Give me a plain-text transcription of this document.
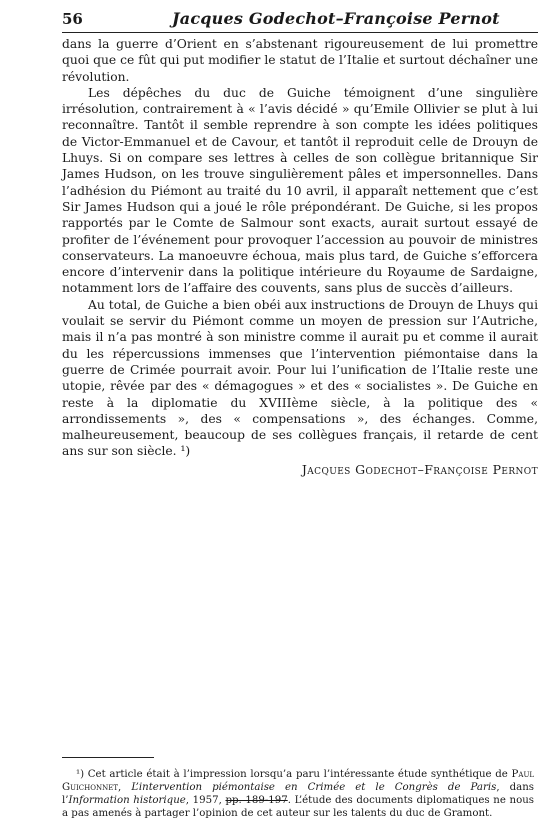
56	Jacques Godechot–Françoise Pernot

dans la guerre d’Orient en s’abstenant rigoureusement de lui promettre quoi que ce fût qui put modifier le statut de l’Italie et surtout déchaîner une révolution.

Les dépêches du duc de Guiche témoignent d’une singulière irrésolution, contrairement à « l’avis décidé » qu’Emile Ollivier se plut à lui reconnaître. Tantôt il semble reprendre à son compte les idées politiques de Victor-Emmanuel et de Cavour, et tantôt il reproduit celle de Drouyn de Lhuys. Si on compare ses lettres à celles de son collègue britannique Sir James Hudson, on les trouve singulièrement pâles et impersonnelles. Dans l’adhésion du Piémont au traité du 10 avril, il apparaît nettement que c’est Sir James Hudson qui a joué le rôle prépondérant. De Guiche, si les propos rapportés par le Comte de Salmour sont exacts, aurait surtout essayé de profiter de l’événement pour provoquer l’accession au pouvoir de ministres conservateurs. La manoeuvre échoua, mais plus tard, de Guiche s’efforcera encore d’intervenir dans la politique intérieure du Royaume de Sardaigne, notamment lors de l’affaire des couvents, sans plus de succès d’ailleurs.

Au total, de Guiche a bien obéi aux instructions de Drouyn de Lhuys qui voulait se servir du Piémont comme un moyen de pression sur l’Autriche, mais il n’a pas montré à son ministre comme il aurait pu et comme il aurait du les répercussions immenses que l’intervention piémontaise dans la guerre de Crimée pourrait avoir. Pour lui l’unification de l’Italie reste une utopie, rêvée par des « démagogues » et des « socialistes ». De Guiche en reste à la diplomatie du XVIIIème siècle, à la politique des « arrondissements », des « compensations », des échanges. Comme, malheureusement, beaucoup de ses collègues français, il retarde de cent ans sur son siècle. ¹)

Jacques Godechot–Françoise Pernot
¹) Cet article était à l’impression lorsqu’a paru l’intéressante étude synthétique de Paul Guichonnet, L’intervention piémontaise en Crimée et le Congrès de Paris, dans l’Information historique, 1957, pp. 189-197. L’étude des documents diplomatiques ne nous a pas amenés à partager l’opinion de cet auteur sur les talents du duc de Gramont.
